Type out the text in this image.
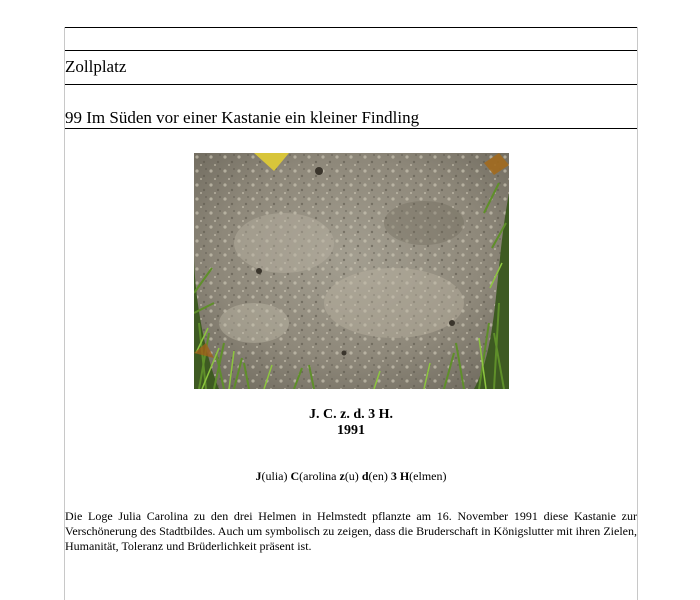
Zollplatz
99 Im Süden vor einer Kastanie ein kleiner Findling
J. C. z. d. 3 H.
1991
J(ulia) C(arolina z(u) d(en) 3 H(elmen)
Die Loge Julia Carolina zu den drei Helmen in Helmstedt pflanzte am 16. November 1991 diese Kastanie zur Verschönerung des Stadtbildes. Auch um symbolisch zu zeigen, dass die Bruderschaft in Königslutter mit ihren Zielen, Humanität, Toleranz und Brüderlichkeit präsent ist.
